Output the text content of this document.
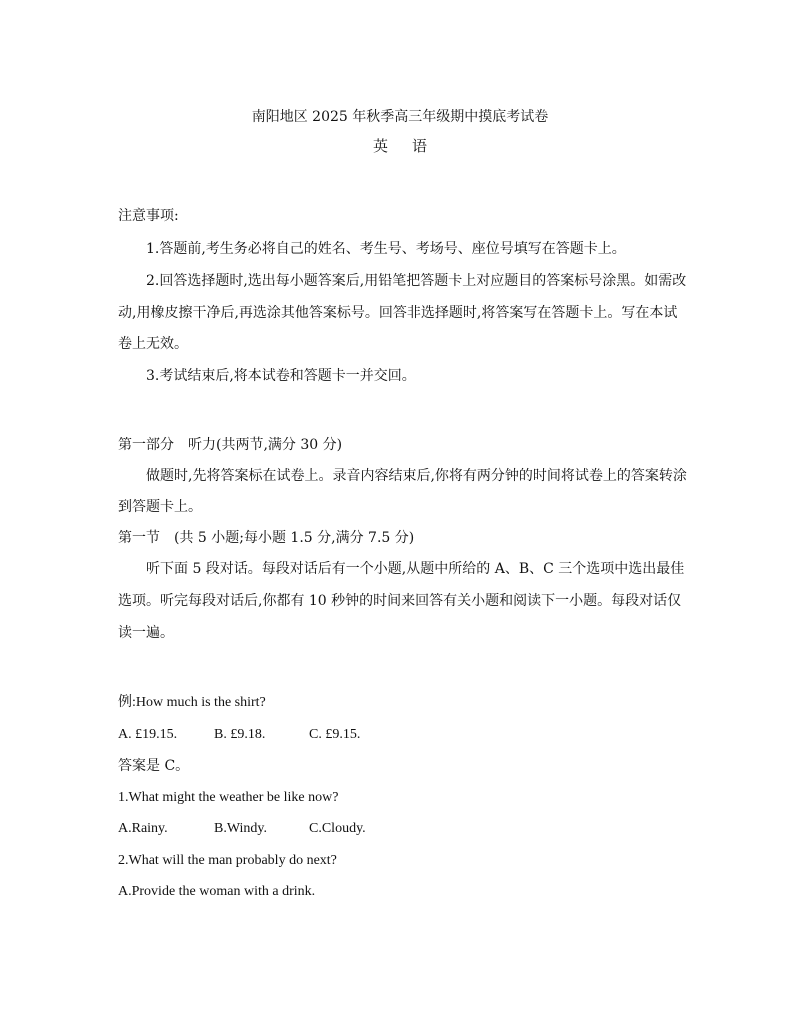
南阳地区 2025 年秋季高三年级期中摸底考试卷
英语
注意事项:
1.答题前,考生务必将自己的姓名、考生号、考场号、座位号填写在答题卡上。
2.回答选择题时,选出每小题答案后,用铅笔把答题卡上对应题目的答案标号涂黑。如需改
动,用橡皮擦干净后,再选涂其他答案标号。回答非选择题时,将答案写在答题卡上。写在本试
卷上无效。
3.考试结束后,将本试卷和答题卡一并交回。
第一部分　听力(共两节,满分 30 分)
做题时,先将答案标在试卷上。录音内容结束后,你将有两分钟的时间将试卷上的答案转涂
到答题卡上。
第一节　(共 5 小题;每小题 1.5 分,满分 7.5 分)
听下面 5 段对话。每段对话后有一个小题,从题中所给的 A、B、C 三个选项中选出最佳
选项。听完每段对话后,你都有 10 秒钟的时间来回答有关小题和阅读下一小题。每段对话仅
读一遍。
例:How much is the shirt?
A. £19.15.	B. £9.18.	C. £9.15.
答案是 C。
1.What might the weather be like now?
A.Rainy.	B.Windy.	C.Cloudy.
2.What will the man probably do next?
A.Provide the woman with a drink.
